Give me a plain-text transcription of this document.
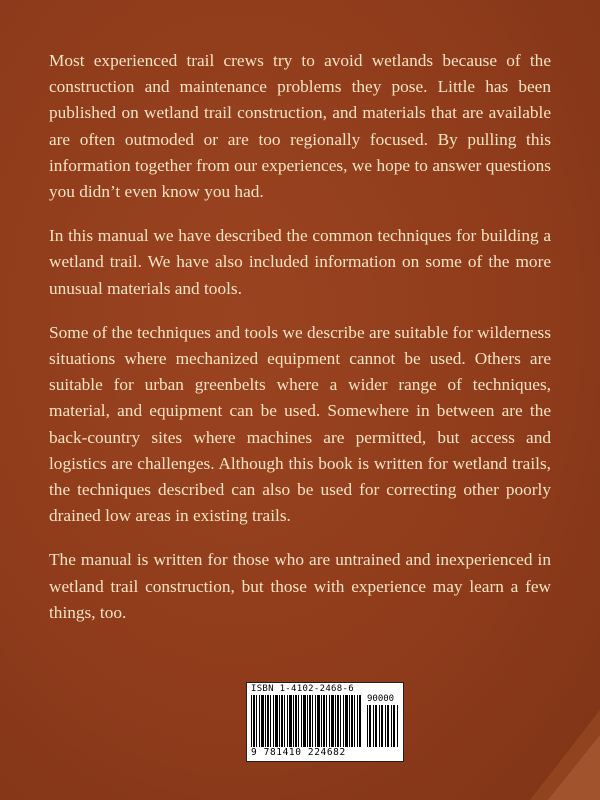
Most experienced trail crews try to avoid wetlands because of the construction and maintenance problems they pose. Little has been published on wetland trail construction, and materials that are available are often outmoded or are too regionally focused. By pulling this information together from our experiences, we hope to answer questions you didn’t even know you had.

In this manual we have described the common techniques for building a wetland trail. We have also included information on some of the more unusual materials and tools.

Some of the techniques and tools we describe are suitable for wilderness situations where mechanized equipment cannot be used. Others are suitable for urban greenbelts where a wider range of techniques, material, and equipment can be used. Somewhere in between are the back-country sites where machines are permitted, but access and logistics are challenges. Although this book is written for wetland trails, the techniques described can also be used for correcting other poorly drained low areas in existing trails.

The manual is written for those who are untrained and inexperienced in wetland trail construction, but those with experience may learn a few things, too.

ISBN 1-4102-2468-6
90000
9 781410 224682
